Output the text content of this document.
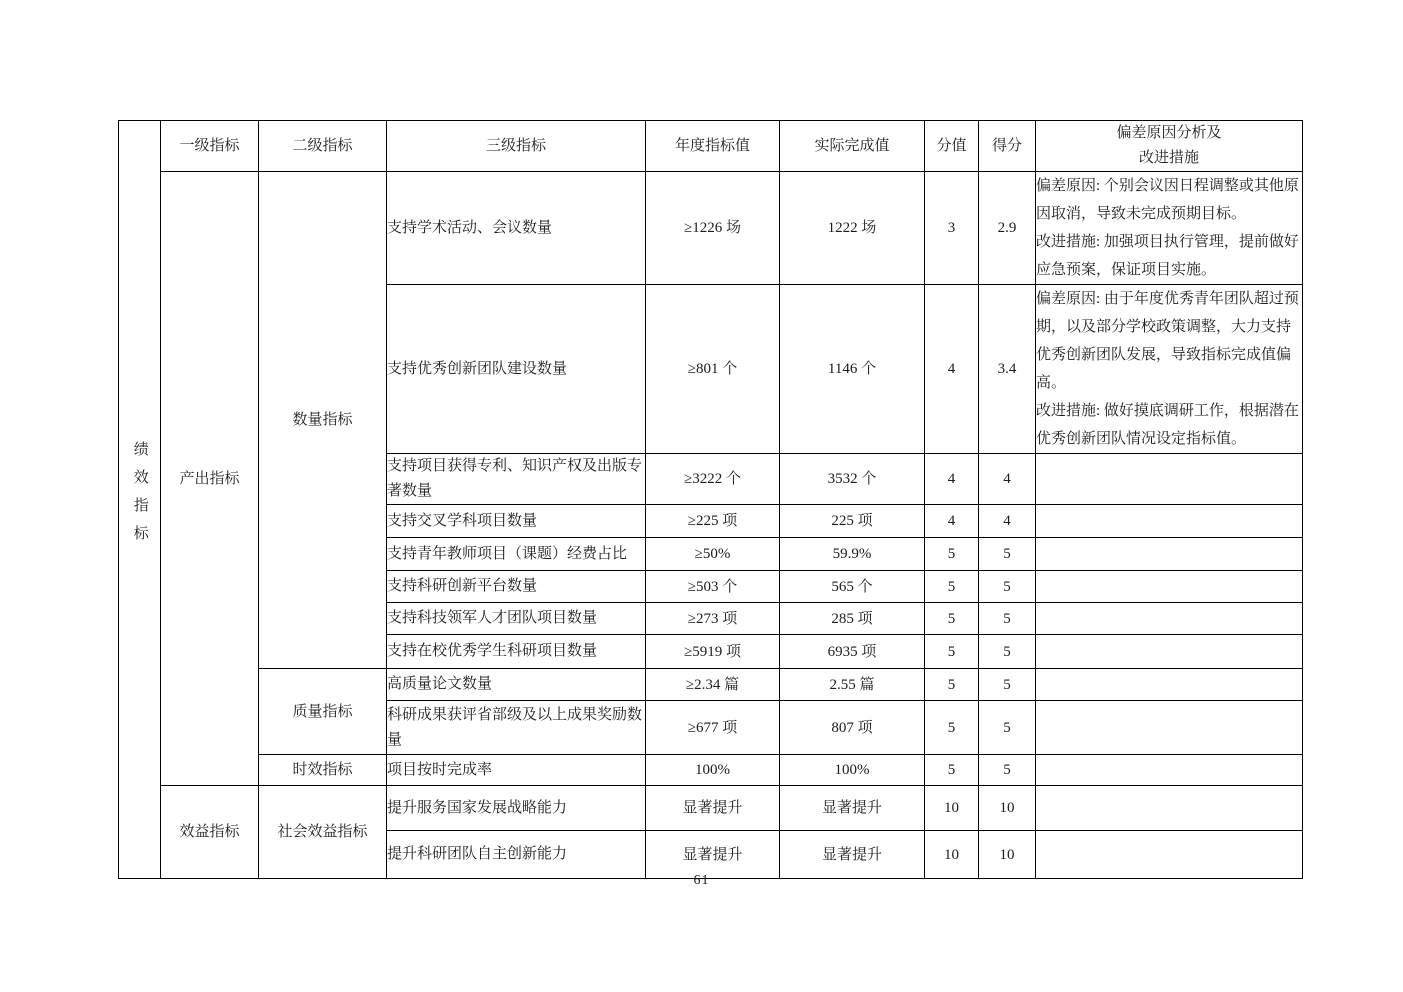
绩效指标	一级指标	二级指标	三级指标	年度指标值	实际完成值	分值	得分	偏差原因分析及
改进措施

	产出指标	数量指标	支持学术活动、会议数量	≥1226 场	1222 场	3	2.9	偏差原因: 个别会议因日程调整或其他原因取消，导致未完成预期目标。
改进措施: 加强项目执行管理，提前做好应急预案，保证项目实施。

			支持优秀创新团队建设数量	≥801 个	1146 个	4	3.4	偏差原因: 由于年度优秀青年团队超过预期，以及部分学校政策调整，大力支持优秀创新团队发展，导致指标完成值偏高。
改进措施: 做好摸底调研工作，根据潜在优秀创新团队情况设定指标值。

			支持项目获得专利、知识产权及出版专著数量	≥3222 个	3532 个	4	4	
			支持交叉学科项目数量	≥225 项	225 项	4	4	
			支持青年教师项目（课题）经费占比	≥50%	59.9%	5	5	
			支持科研创新平台数量	≥503 个	565 个	5	5	
			支持科技领军人才团队项目数量	≥273 项	285 项	5	5	
			支持在校优秀学生科研项目数量	≥5919 项	6935 项	5	5	
		质量指标	高质量论文数量	≥2.34 篇	2.55 篇	5	5	
			科研成果获评省部级及以上成果奖励数量	≥677 项	807 项	5	5	
		时效指标	项目按时完成率	100%	100%	5	5	
	效益指标	社会效益指标	提升服务国家发展战略能力	显著提升	显著提升	10	10	
			提升科研团队自主创新能力	显著提升	显著提升	10	10	
61
